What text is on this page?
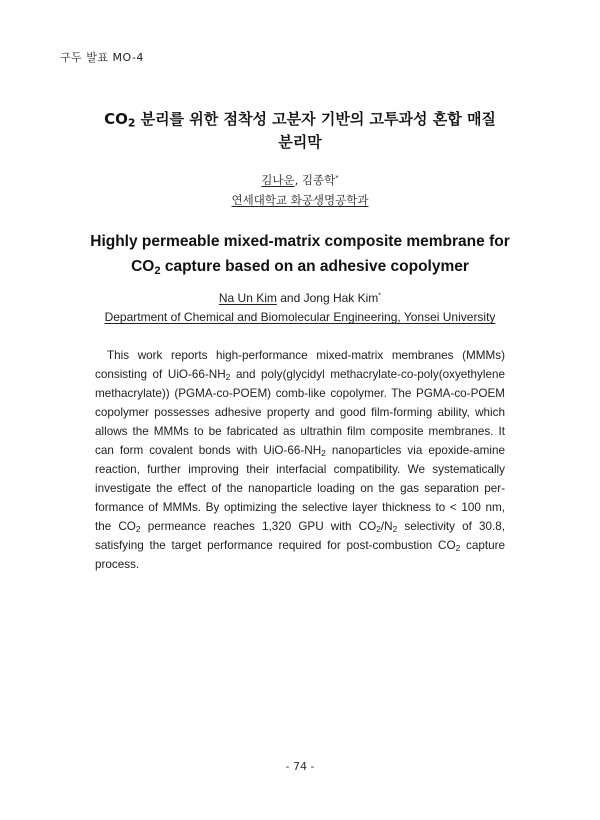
구두 발표 MO-4
$CO_2$ 분리를 위한 점착성 고분자 기반의 고투과성 혼합 매질
분리막
김나운, 김종학*
연세대학교 화공생명공학과
Highly permeable mixed-matrix composite membrane for
$CO_2$ capture based on an adhesive copolymer
Na Un Kim and Jong Hak Kim*
Department of Chemical and Biomolecular Engineering, Yonsei University
This work reports high-performance mixed-matrix membranes (MMMs) consisting of UiO-$66-NH_2$ and poly(glycidyl methacrylate-co-poly(oxyethylene methacrylate)) (PGMA-co-POEM) comb-like copolymer. The PGMA-co-POEM copolymer possesses adhesive property and good film-forming ability, which allows the MMMs to be fabricated as ultrathin film composite membranes. It can form covalent bonds with UiO-$66-NH_2$ nanoparticles via epoxide-amine reaction, further improving their interfacial compatibility. We systematically investigate the effect of the nanoparticle loading on the gas separation per-formance of MMMs. By optimizing the selective layer thickness to < 100 nm, the $CO_2$ permeance reaches 1,320 GPU with $CO_2/N_2$ selectivity of 30.8, satisfying the target performance required for post-combustion $CO_2$ capture process.
- 74 -
